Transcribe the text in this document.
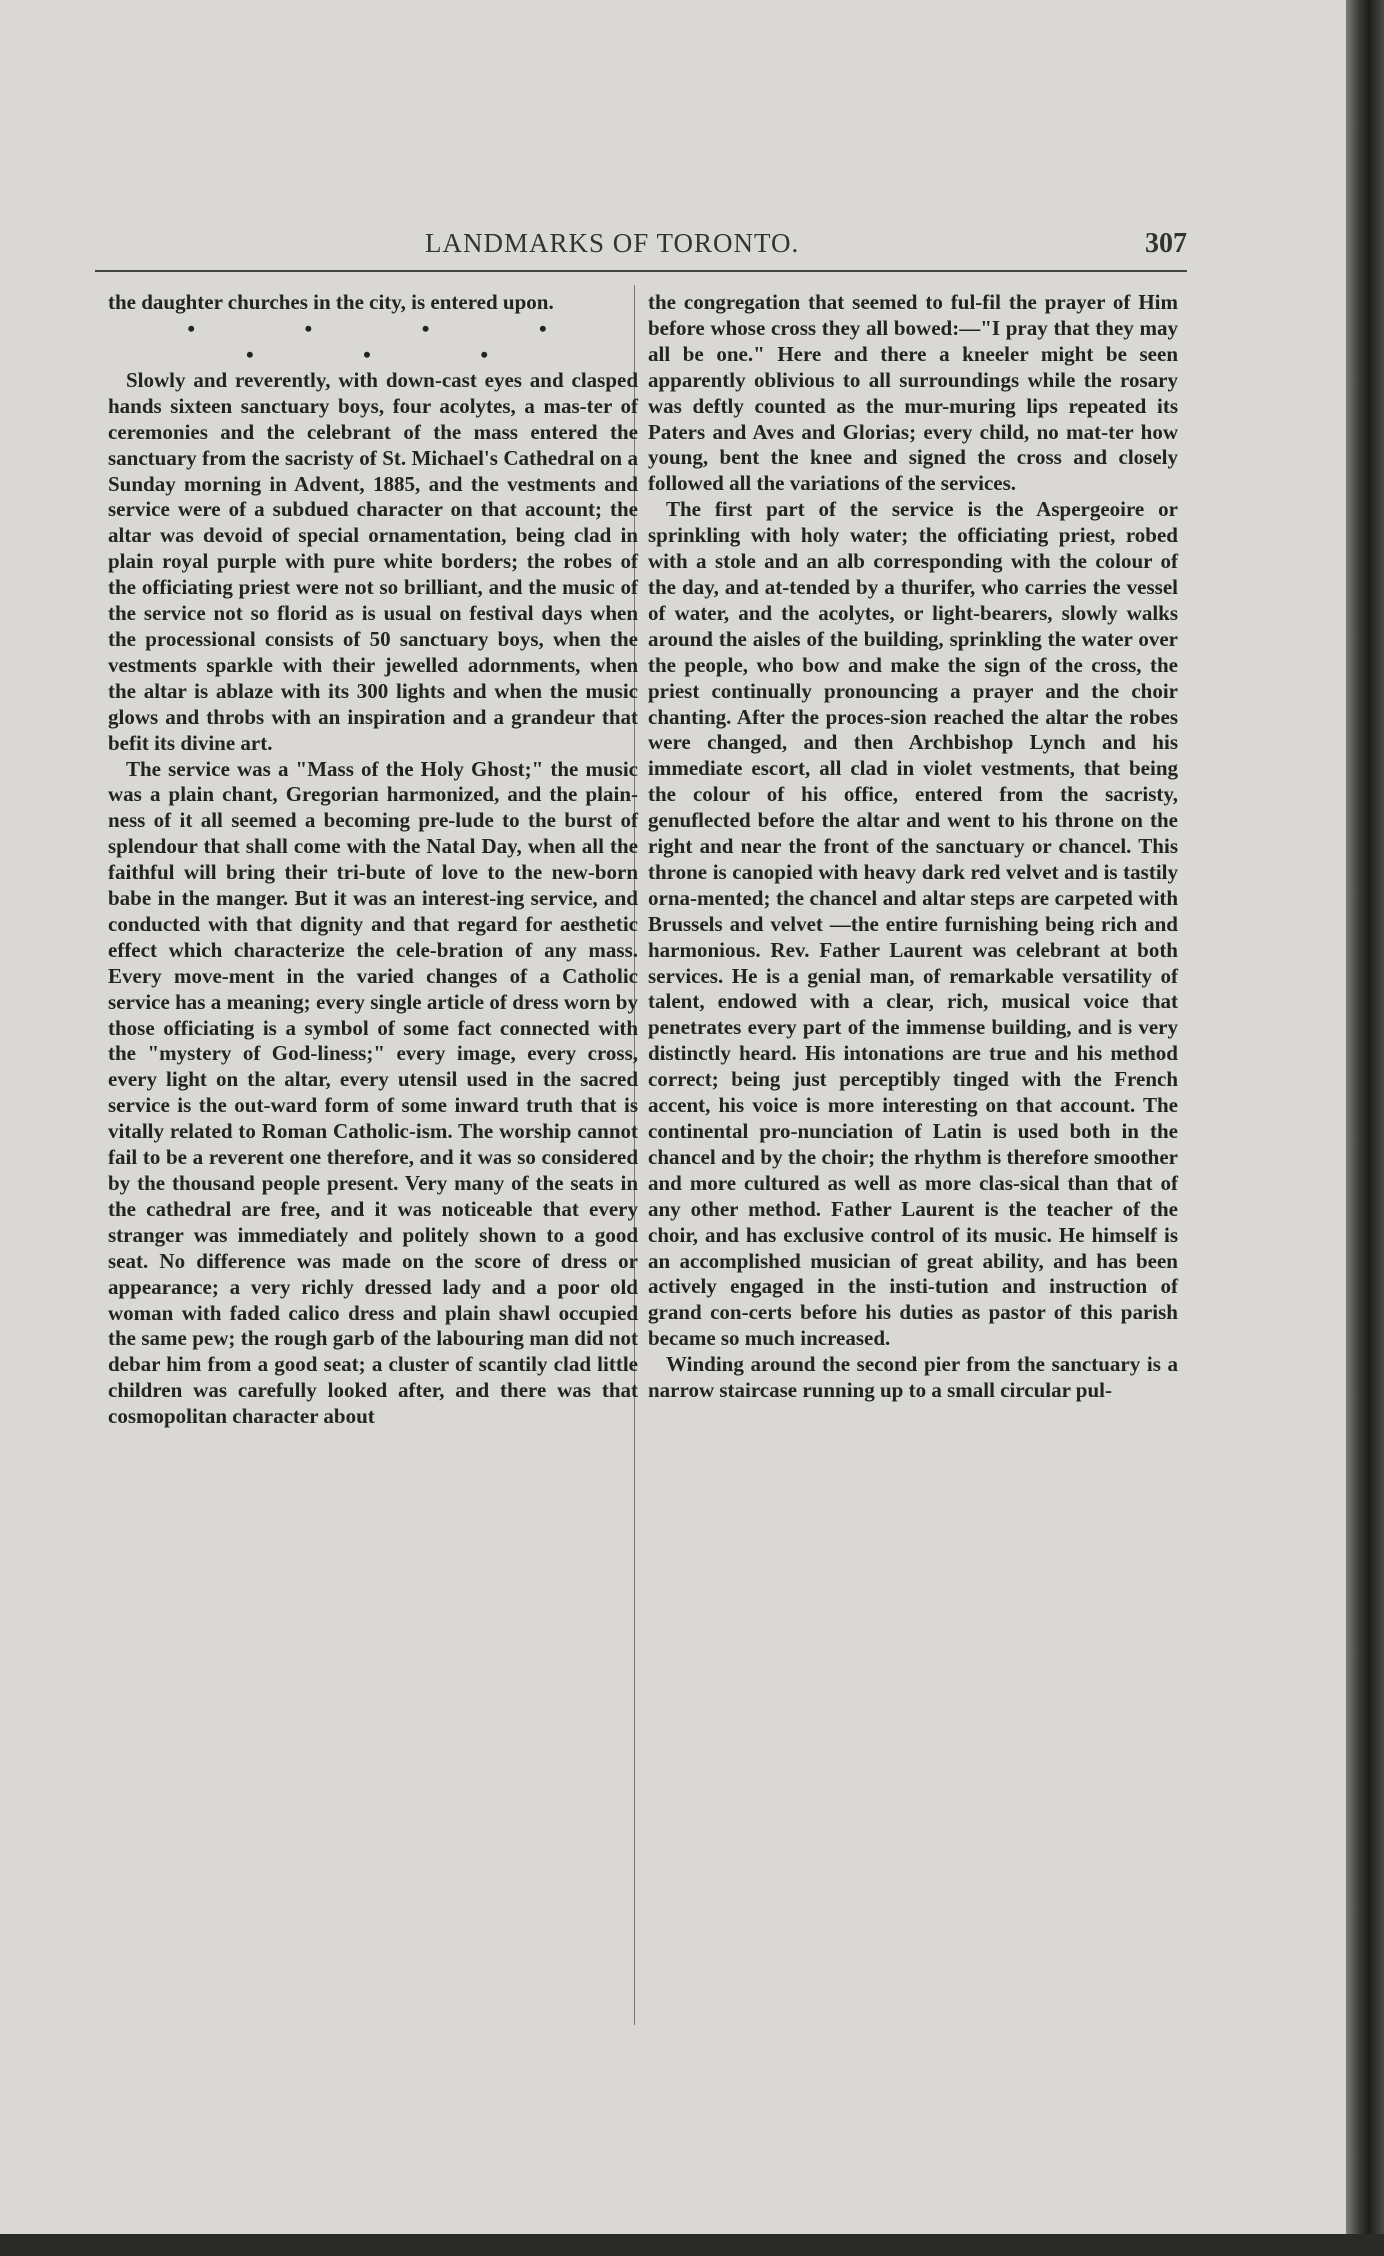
LANDMARKS OF TORONTO.	307

the daughter churches in the city, is entered upon.

• • • • • • •

Slowly and reverently, with down-cast eyes and clasped hands sixteen sanctuary boys, four acolytes, a mas-ter of ceremonies and the celebrant of the mass entered the sanctuary from the sacristy of St. Michael's Cathedral on a Sunday morning in Advent, 1885, and the vestments and service were of a subdued character on that account; the altar was devoid of special ornamentation, being clad in plain royal purple with pure white borders; the robes of the officiating priest were not so brilliant, and the music of the service not so florid as is usual on festival days when the processional consists of 50 sanctuary boys, when the vestments sparkle with their jewelled adornments, when the altar is ablaze with its 300 lights and when the music glows and throbs with an inspiration and a grandeur that befit its divine art.

The service was a "Mass of the Holy Ghost;" the music was a plain chant, Gregorian harmonized, and the plain-ness of it all seemed a becoming pre-lude to the burst of splendour that shall come with the Natal Day, when all the faithful will bring their tri-bute of love to the new-born babe in the manger. But it was an interest-ing service, and conducted with that dignity and that regard for aesthetic effect which characterize the cele-bration of any mass. Every move-ment in the varied changes of a Catholic service has a meaning; every single article of dress worn by those officiating is a symbol of some fact connected with the "mystery of God-liness;" every image, every cross, every light on the altar, every utensil used in the sacred service is the out-ward form of some inward truth that is vitally related to Roman Catholic-ism. The worship cannot fail to be a reverent one therefore, and it was so considered by the thousand people present. Very many of the seats in the cathedral are free, and it was noticeable that every stranger was immediately and politely shown to a good seat. No difference was made on the score of dress or appearance; a very richly dressed lady and a poor old woman with faded calico dress and plain shawl occupied the same pew; the rough garb of the labouring man did not debar him from a good seat; a cluster of scantily clad little children was carefully looked after, and there was that cosmopolitan character about

the congregation that seemed to ful-fil the prayer of Him before whose cross they all bowed:—"I pray that they may all be one." Here and there a kneeler might be seen apparently oblivious to all surroundings while the rosary was deftly counted as the mur-muring lips repeated its Paters and Aves and Glorias; every child, no mat-ter how young, bent the knee and signed the cross and closely followed all the variations of the services.

The first part of the service is the Aspergeoire or sprinkling with holy water; the officiating priest, robed with a stole and an alb corresponding with the colour of the day, and at-tended by a thurifer, who carries the vessel of water, and the acolytes, or light-bearers, slowly walks around the aisles of the building, sprinkling the water over the people, who bow and make the sign of the cross, the priest continually pronouncing a prayer and the choir chanting. After the proces-sion reached the altar the robes were changed, and then Archbishop Lynch and his immediate escort, all clad in violet vestments, that being the colour of his office, entered from the sacristy, genuflected before the altar and went to his throne on the right and near the front of the sanctuary or chancel. This throne is canopied with heavy dark red velvet and is tastily orna-mented; the chancel and altar steps are carpeted with Brussels and velvet —the entire furnishing being rich and harmonious. Rev. Father Laurent was celebrant at both services. He is a genial man, of remarkable versatility of talent, endowed with a clear, rich, musical voice that penetrates every part of the immense building, and is very distinctly heard. His intonations are true and his method correct; being just perceptibly tinged with the French accent, his voice is more interesting on that account. The continental pro-nunciation of Latin is used both in the chancel and by the choir; the rhythm is therefore smoother and more cultured as well as more clas-sical than that of any other method. Father Laurent is the teacher of the choir, and has exclusive control of its music. He himself is an accomplished musician of great ability, and has been actively engaged in the insti-tution and instruction of grand con-certs before his duties as pastor of this parish became so much increased.

Winding around the second pier from the sanctuary is a narrow staircase running up to a small circular pul-
